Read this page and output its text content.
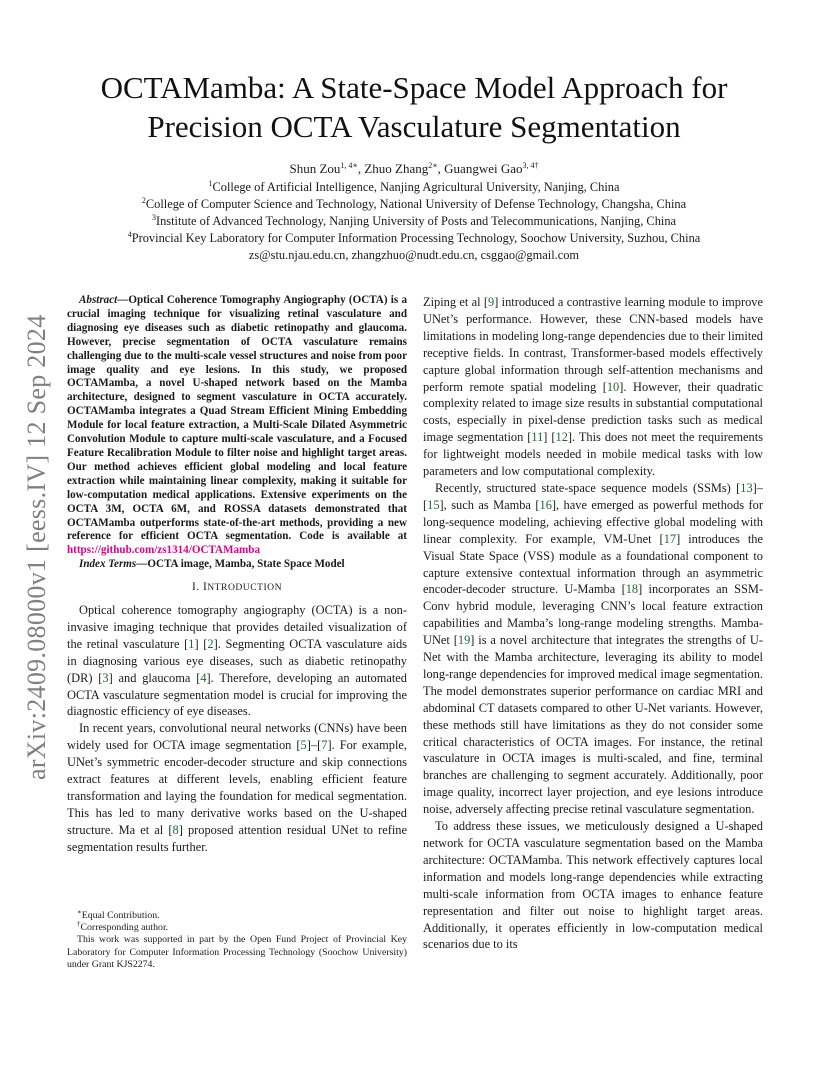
arXiv:2409.08000v1 [eess.IV] 12 Sep 2024
OCTAMamba: A State-Space Model Approach for
Precision OCTA Vasculature Segmentation
Shun Zou$^{1, 4∗}$, Zhuo Zhang$^{2∗}$, Guangwei Gao$^{3, 4\dagger}$
$^1$College of Artificial Intelligence, Nanjing Agricultural University, Nanjing, China
$^2$College of Computer Science and Technology, National University of Defense Technology, Changsha, China
$^3$Institute of Advanced Technology, Nanjing University of Posts and Telecommunications, Nanjing, China
$^4$Provincial Key Laboratory for Computer Information Processing Technology, Soochow University, Suzhou, China
zs@stu.njau.edu.cn, zhangzhuo@nudt.edu.cn, csggao@gmail.com

Abstract—Optical Coherence Tomography Angiography (OCTA) is a crucial imaging technique for visualizing retinal vasculature and diagnosing eye diseases such as diabetic retinopathy and glaucoma. However, precise segmentation of OCTA vasculature remains challenging due to the multi-scale vessel structures and noise from poor image quality and eye lesions. In this study, we proposed OCTAMamba, a novel U-shaped network based on the Mamba architecture, designed to segment vasculature in OCTA accurately. OCTAMamba integrates a Quad Stream Efficient Mining Embedding Module for local feature extraction, a Multi-Scale Dilated Asymmetric Convolution Module to capture multi-scale vasculature, and a Focused Feature Recalibration Module to filter noise and highlight target areas. Our method achieves efficient global modeling and local feature extraction while maintaining linear complexity, making it suitable for low-computation medical applications. Extensive experiments on the OCTA 3M, OCTA 6M, and ROSSA datasets demonstrated that OCTAMamba outperforms state-of-the-art methods, providing a new reference for efficient OCTA segmentation. Code is available at https://github.com/zs1314/OCTAMamba

Index Terms—OCTA image, Mamba, State Space Model

I. INTRODUCTION

Optical coherence tomography angiography (OCTA) is a non-invasive imaging technique that provides detailed visualization of the retinal vasculature [1] [2]. Segmenting OCTA vasculature aids in diagnosing various eye diseases, such as diabetic retinopathy (DR) [3] and glaucoma [4]. Therefore, developing an automated OCTA vasculature segmentation model is crucial for improving the diagnostic efficiency of eye diseases.

In recent years, convolutional neural networks (CNNs) have been widely used for OCTA image segmentation [5]–[7]. For example, UNet’s symmetric encoder-decoder structure and skip connections extract features at different levels, enabling efficient feature transformation and laying the foundation for medical segmentation. This has led to many derivative works based on the U-shaped structure. Ma et al [8] proposed attention residual UNet to refine segmentation results further.

∗Equal Contribution.
†Corresponding author.
This work was supported in part by the Open Fund Project of Provincial Key Laboratory for Computer Information Processing Technology (Soochow University) under Grant KJS2274.

Ziping et al [9] introduced a contrastive learning module to improve UNet’s performance. However, these CNN-based models have limitations in modeling long-range dependencies due to their limited receptive fields. In contrast, Transformer-based models effectively capture global information through self-attention mechanisms and perform remote spatial modeling [10]. However, their quadratic complexity related to image size results in substantial computational costs, especially in pixel-dense prediction tasks such as medical image segmentation [11] [12]. This does not meet the requirements for lightweight models needed in mobile medical tasks with low parameters and low computational complexity.

Recently, structured state-space sequence models (SSMs) [13]–[15], such as Mamba [16], have emerged as powerful methods for long-sequence modeling, achieving effective global modeling with linear complexity. For example, VM-Unet [17] introduces the Visual State Space (VSS) module as a foundational component to capture extensive contextual information through an asymmetric encoder-decoder structure. U-Mamba [18] incorporates an SSM-Conv hybrid module, leveraging CNN’s local feature extraction capabilities and Mamba’s long-range modeling strengths. Mamba-UNet [19] is a novel architecture that integrates the strengths of U-Net with the Mamba architecture, leveraging its ability to model long-range dependencies for improved medical image segmentation. The model demonstrates superior performance on cardiac MRI and abdominal CT datasets compared to other U-Net variants. However, these methods still have limitations as they do not consider some critical characteristics of OCTA images. For instance, the retinal vasculature in OCTA images is multi-scaled, and fine, terminal branches are challenging to segment accurately. Additionally, poor image quality, incorrect layer projection, and eye lesions introduce noise, adversely affecting precise retinal vasculature segmentation.

To address these issues, we meticulously designed a U-shaped network for OCTA vasculature segmentation based on the Mamba architecture: OCTAMamba. This network effectively captures local information and models long-range dependencies while extracting multi-scale information from OCTA images to enhance feature representation and filter out noise to highlight target areas. Additionally, it operates efficiently in low-computation medical scenarios due to its
